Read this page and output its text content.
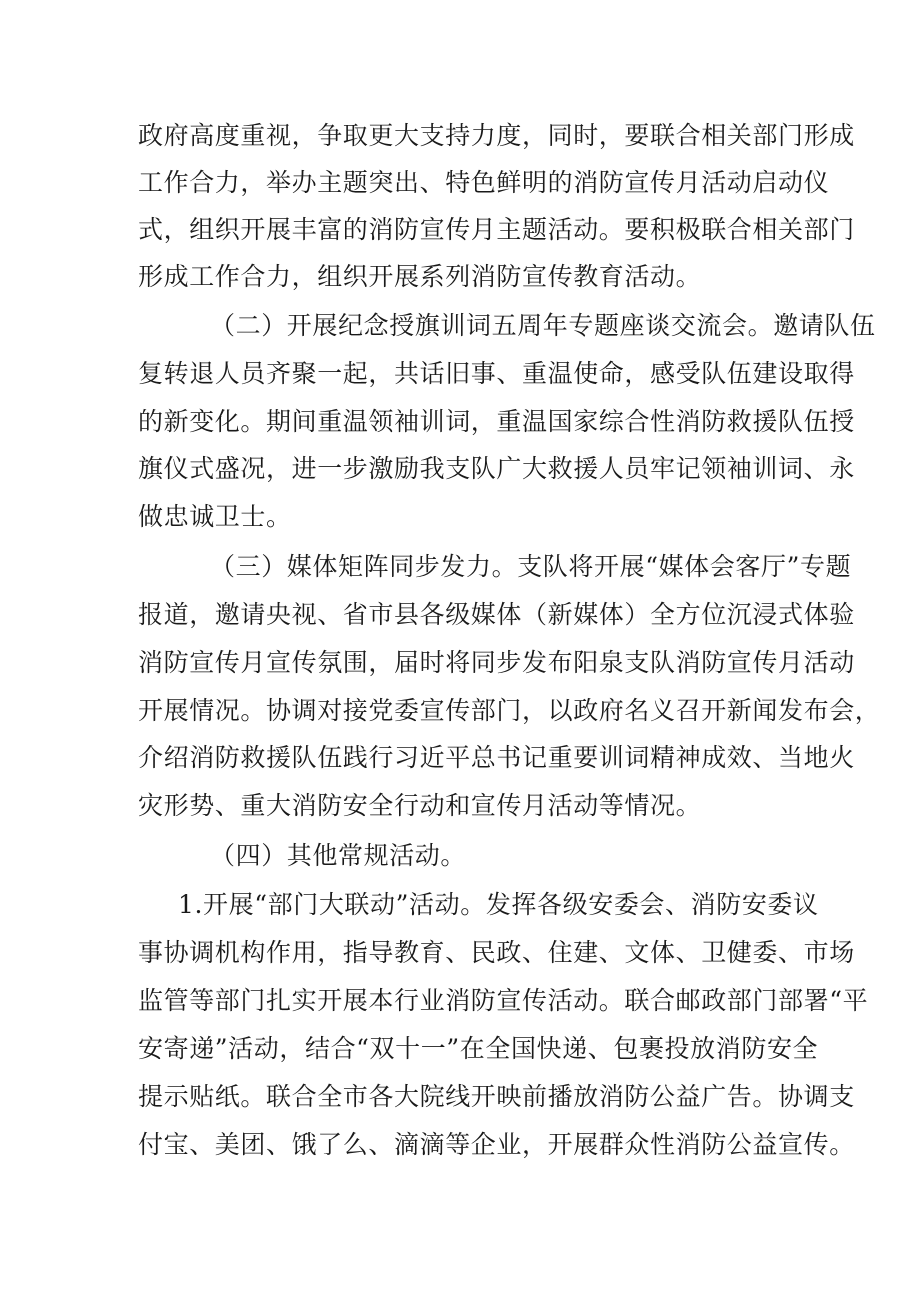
政府高度重视，争取更大支持力度，同时，要联合相关部门形成

工作合力，举办主题突出、特色鲜明的消防宣传月活动启动仪

式，组织开展丰富的消防宣传月主题活动。要积极联合相关部门

形成工作合力，组织开展系列消防宣传教育活动。

（二）开展纪念授旗训词五周年专题座谈交流会。邀请队伍

复转退人员齐聚一起，共话旧事、重温使命，感受队伍建设取得

的新变化。期间重温领袖训词，重温国家综合性消防救援队伍授

旗仪式盛况，进一步激励我支队广大救援人员牢记领袖训词、永

做忠诚卫士。

（三）媒体矩阵同步发力。支队将开展“媒体会客厅”专题

报道，邀请央视、省市县各级媒体（新媒体）全方位沉浸式体验

消防宣传月宣传氛围，届时将同步发布阳泉支队消防宣传月活动

开展情况。协调对接党委宣传部门，以政府名义召开新闻发布会，

介绍消防救援队伍践行习近平总书记重要训词精神成效、当地火

灾形势、重大消防安全行动和宣传月活动等情况。

（四）其他常规活动。

1.开展“部门大联动”活动。发挥各级安委会、消防安委议

事协调机构作用，指导教育、民政、住建、文体、卫健委、市场

监管等部门扎实开展本行业消防宣传活动。联合邮政部门部署“平

安寄递”活动，结合“双十一”在全国快递、包裹投放消防安全

提示贴纸。联合全市各大院线开映前播放消防公益广告。协调支

付宝、美团、饿了么、滴滴等企业，开展群众性消防公益宣传。
